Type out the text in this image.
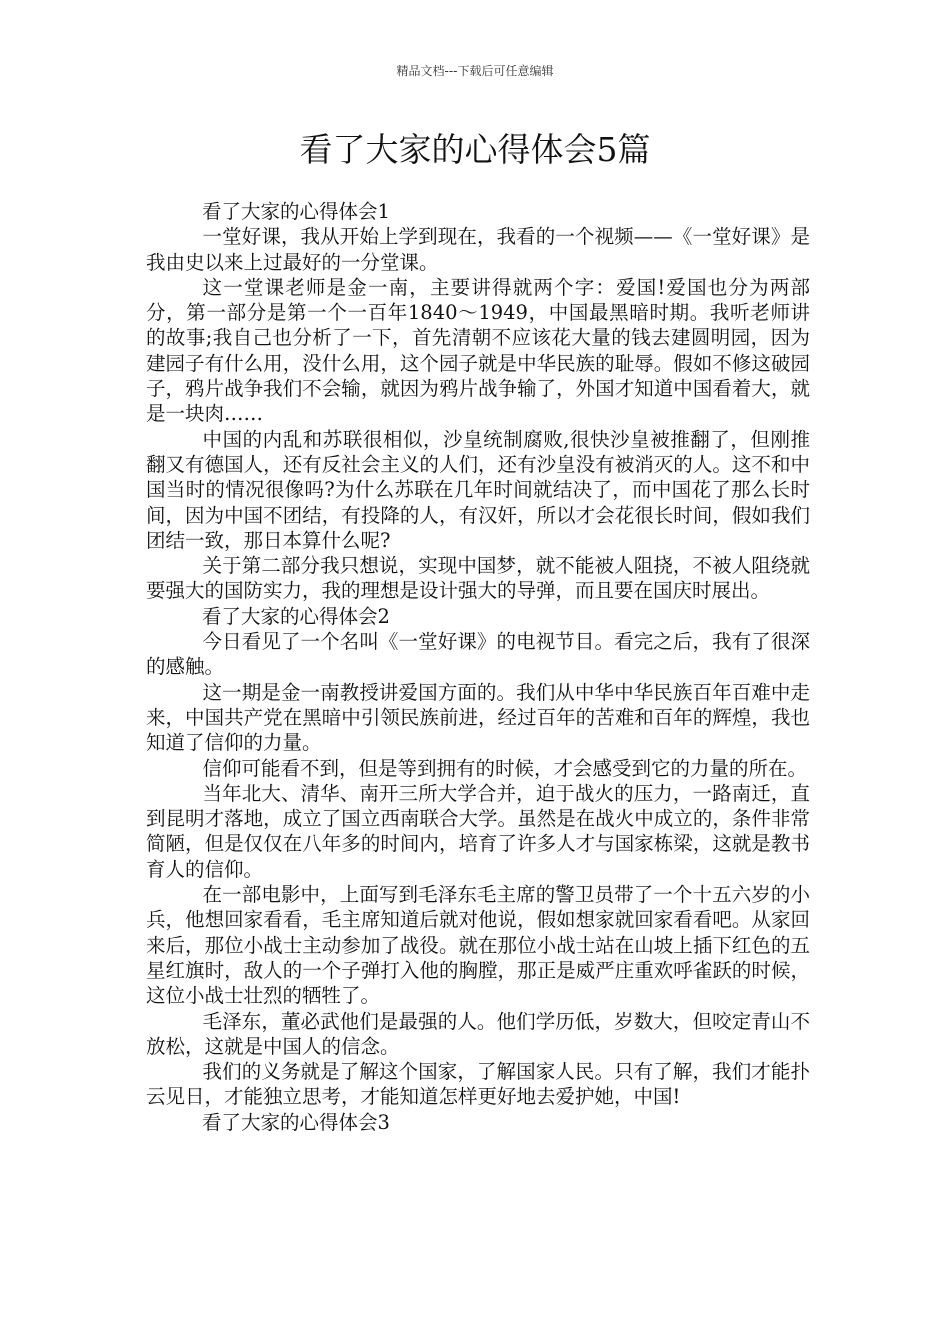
精品文档---下载后可任意编辑
看了大家的心得体会5篇

看了大家的心得体会1

一堂好课，我从开始上学到现在，我看的一个视频——《一堂好课》是我由史以来上过最好的一分堂课。

这一堂课老师是金一南，主要讲得就两个字：爱国!爱国也分为两部分，第一部分是第一个一百年1840～1949，中国最黑暗时期。我听老师讲的故事;我自己也分析了一下，首先清朝不应该花大量的钱去建圆明园，因为建园子有什么用，没什么用，这个园子就是中华民族的耻辱。假如不修这破园子，鸦片战争我们不会输，就因为鸦片战争输了，外国才知道中国看着大，就是一块肉……

中国的内乱和苏联很相似，沙皇统制腐败,很快沙皇被推翻了，但刚推翻又有德国人，还有反社会主义的人们，还有沙皇没有被消灭的人。这不和中国当时的情况很像吗?为什么苏联在几年时间就结决了，而中国花了那么长时间，因为中国不团结，有投降的人，有汉奸，所以才会花很长时间，假如我们团结一致，那日本算什么呢?

关于第二部分我只想说，实现中国梦，就不能被人阻挠，不被人阻绕就要强大的国防实力，我的理想是设计强大的导弹，而且要在国庆时展出。

看了大家的心得体会2

今日看见了一个名叫《一堂好课》的电视节目。看完之后，我有了很深的感触。

这一期是金一南教授讲爱国方面的。我们从中华中华民族百年百难中走来，中国共产党在黑暗中引领民族前进，经过百年的苦难和百年的辉煌，我也知道了信仰的力量。

信仰可能看不到，但是等到拥有的时候，才会感受到它的力量的所在。

当年北大、清华、南开三所大学合并，迫于战火的压力，一路南迁，直到昆明才落地，成立了国立西南联合大学。虽然是在战火中成立的，条件非常简陋，但是仅仅在八年多的时间内，培育了许多人才与国家栋梁，这就是教书育人的信仰。

在一部电影中，上面写到毛泽东毛主席的警卫员带了一个十五六岁的小兵，他想回家看看，毛主席知道后就对他说，假如想家就回家看看吧。从家回来后，那位小战士主动参加了战役。就在那位小战士站在山坡上插下红色的五星红旗时，敌人的一个子弹打入他的胸膛，那正是威严庄重欢呼雀跃的时候，这位小战士壮烈的牺牲了。

毛泽东，董必武他们是最强的人。他们学历低，岁数大，但咬定青山不放松，这就是中国人的信念。

我们的义务就是了解这个国家，了解国家人民。只有了解，我们才能扑云见日，才能独立思考，才能知道怎样更好地去爱护她，中国!

看了大家的心得体会3
